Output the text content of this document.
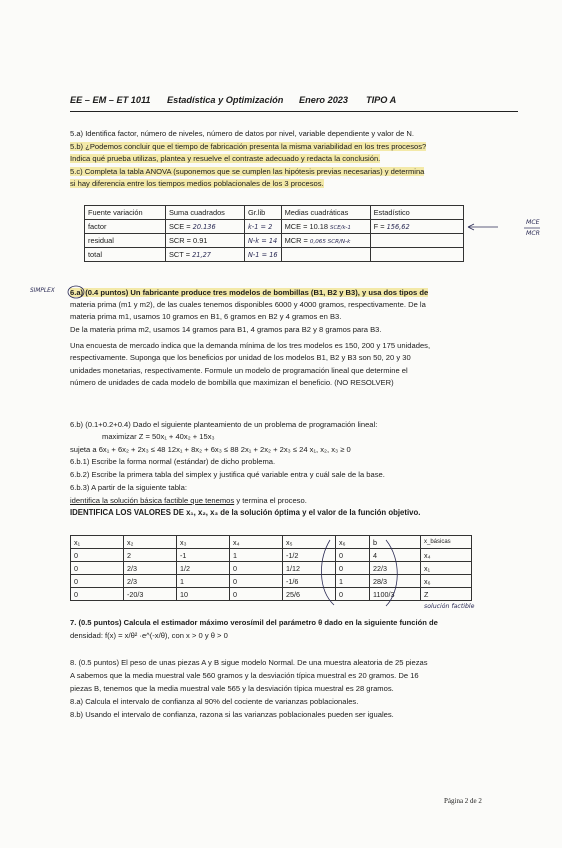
EE – EM – ET 1011 Estadística y Optimización Enero 2023 TIPO A
5.a) Identifica factor, número de niveles, número de datos por nivel, variable dependiente y valor de N.
5.b) ¿Podemos concluir que el tiempo de fabricación presenta la misma variabilidad en los tres procesos?
Indica qué prueba utilizas, plantea y resuelve el contraste adecuado y redacta la conclusión.
5.c) Completa la tabla ANOVA (suponemos que se cumplen las hipótesis previas necesarias) y determina
si hay diferencia entre los tiempos medios poblacionales de los 3 procesos.
Fuente variación	Suma cuadrados	Gr.lib	Medias cuadráticas	Estadístico
factor	SCE = 20.136	k-1 = 2	MCE = 10.18 SCE/k-1	F = 156,62
residual	SCR = 0.91	N-k = 14	MCR = 0,065 SCR/N-k	
total	SCT = 21,27	N-1 = 16		
MCE
MCR
SIMPLEX 6.a) (0.4 puntos) Un fabricante produce tres modelos de bombillas (B1, B2 y B3), y usa dos tipos de
materia prima (m1 y m2), de las cuales tenemos disponibles 6000 y 4000 gramos, respectivamente. De la
materia prima m1, usamos 10 gramos en B1, 6 gramos en B2 y 4 gramos en B3.
De la materia prima m2, usamos 14 gramos para B1, 4 gramos para B2 y 8 gramos para B3.
Una encuesta de mercado indica que la demanda mínima de los tres modelos es 150, 200 y 175 unidades,
respectivamente. Suponga que los beneficios por unidad de los modelos B1, B2 y B3 son 50, 20 y 30
unidades monetarias, respectivamente. Formule un modelo de programación lineal que determine el
número de unidades de cada modelo de bombilla que maximizan el beneficio. (NO RESOLVER)
6.b) (0.1+0.2+0.4) Dado el siguiente planteamiento de un problema de programación lineal:
maximizar Z = 50x₁ + 40x₂ + 15x₃
sujeta a 6x₁ + 6x₂ + 2x₃ ≤ 48 12x₁ + 8x₂ + 6x₃ ≤ 88 2x₁ + 2x₂ + 2x₃ ≤ 24 x₁, x₂, x₃ ≥ 0
6.b.1) Escribe la forma normal (estándar) de dicho problema.
6.b.2) Escribe la primera tabla del simplex y justifica qué variable entra y cuál sale de la base.
6.b.3) A partir de la siguiente tabla:
identifica la solución básica factible que tenemos y termina el proceso.
IDENTIFICA LOS VALORES DE x₁, x₂, x₃ de la solución óptima y el valor de la función objetivo.
x₁	x₂	x₃	x₄	x₅	x₆	b	x_básicas
0	2	-1	1	-1/2	0	4	x₄
0	2/3	1/2	0	1/12	0	22/3	x₁
0	2/3	1	0	-1/6	1	28/3	x₆
0	-20/3	10	0	25/6	0	1100/3	Z
solución factible
7. (0.5 puntos) Calcula el estimador máximo verosímil del parámetro θ dado en la siguiente función de
densidad: f(x) = x/θ² ·e^(-x/θ), con x > 0 y θ > 0
8. (0.5 puntos) El peso de unas piezas A y B sigue modelo Normal. De una muestra aleatoria de 25 piezas
A sabemos que la media muestral vale 560 gramos y la desviación típica muestral es 20 gramos. De 16
piezas B, tenemos que la media muestral vale 565 y la desviación típica muestral es 28 gramos.
8.a) Calcula el intervalo de confianza al 90% del cociente de varianzas poblacionales.
8.b) Usando el intervalo de confianza, razona si las varianzas poblacionales pueden ser iguales.
Página 2 de 2
